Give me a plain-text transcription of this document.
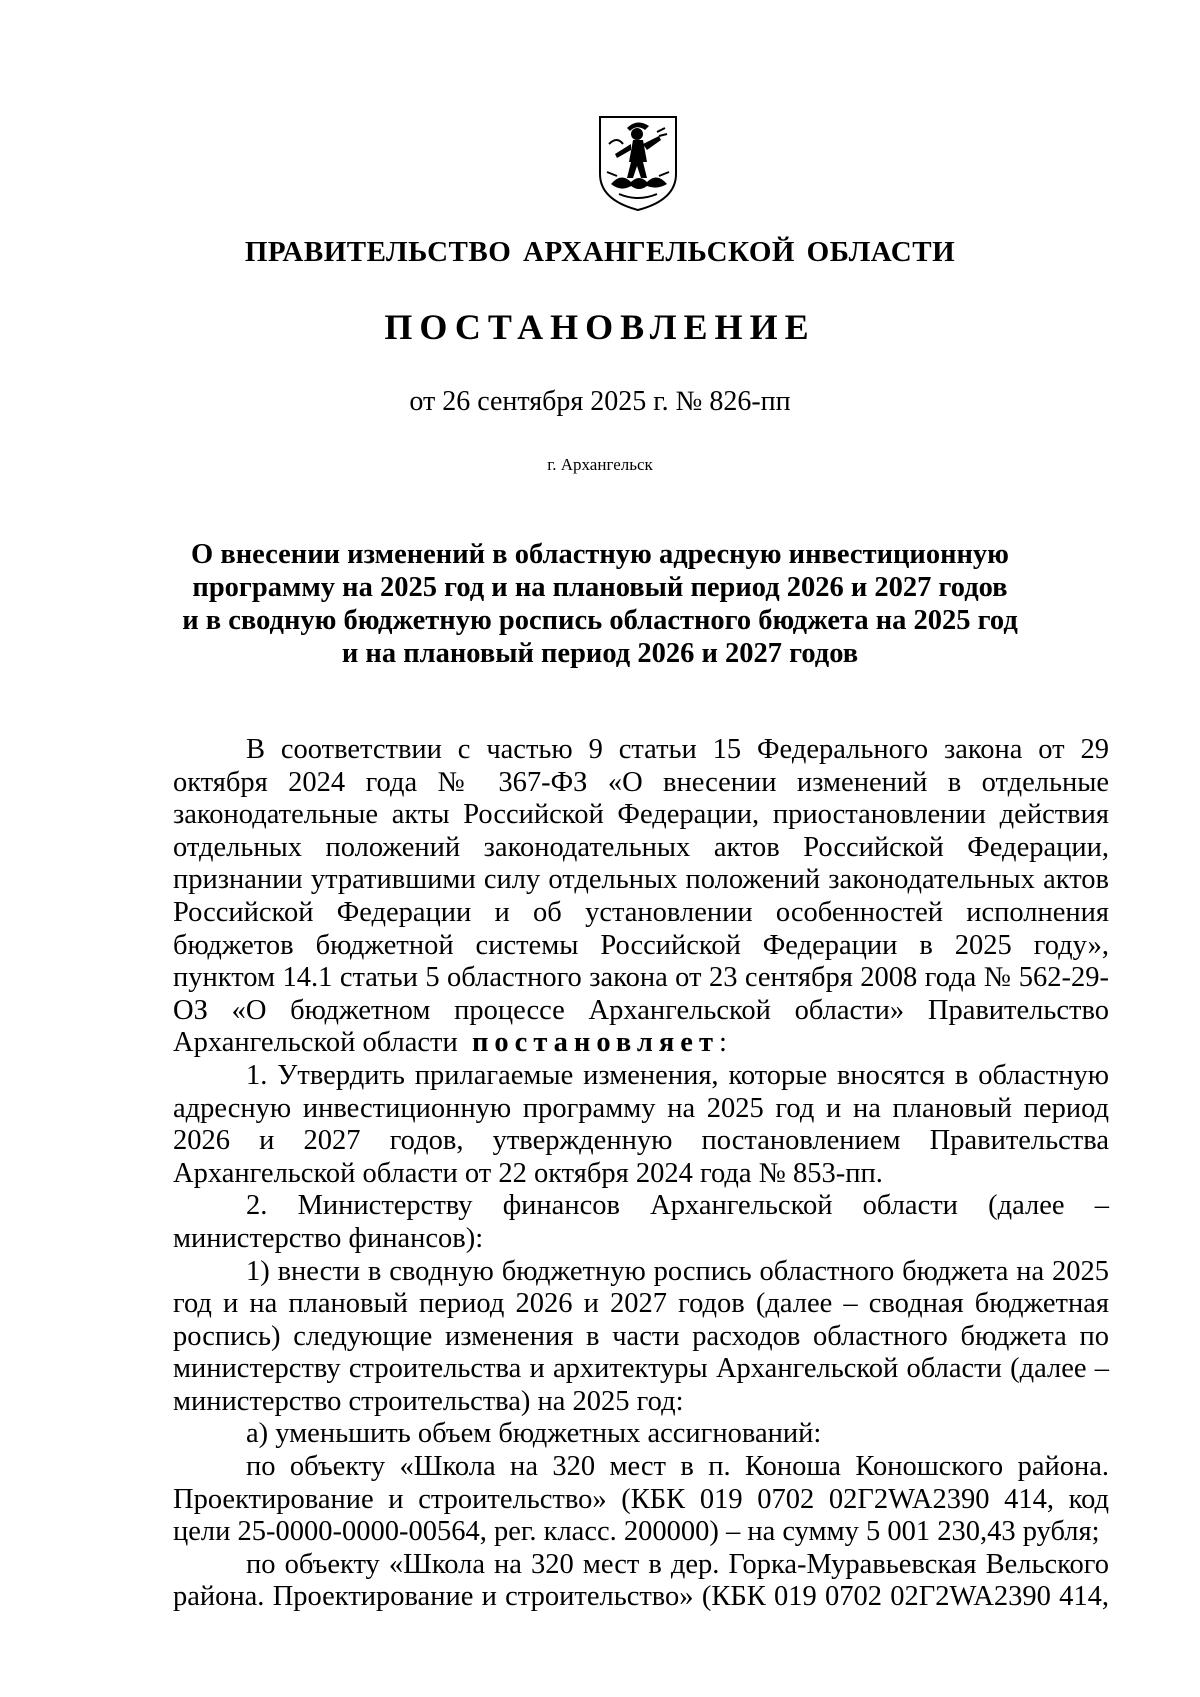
ПРАВИТЕЛЬСТВО АРХАНГЕЛЬСКОЙ ОБЛАСТИ
ПОСТАНОВЛЕНИЕ
от 26 сентября 2025 г. № 826-пп
г. Архангельск
О внесении изменений в областную адресную инвестиционную
программу на 2025 год и на плановый период 2026 и 2027 годов
и в сводную бюджетную роспись областного бюджета на 2025 год
и на плановый период 2026 и 2027 годов

В соответствии с частью 9 статьи 15 Федерального закона от 29 октября 2024 года № 367-ФЗ «О внесении изменений в отдельные законодательные акты Российской Федерации, приостановлении действия отдельных положений законодательных актов Российской Федерации, признании утратившими силу отдельных положений законодательных актов Российской Федерации и об установлении особенностей исполнения бюджетов бюджетной системы Российской Федерации в 2025 году», пунктом 14.1 статьи 5 областного закона от 23 сентября 2008 года № 562-29-ОЗ «О бюджетном процессе Архангельской области» Правительство Архангельской области постановляет:

1. Утвердить прилагаемые изменения, которые вносятся в областную адресную инвестиционную программу на 2025 год и на плановый период 2026 и 2027 годов, утвержденную постановлением Правительства Архангельской области от 22 октября 2024 года № 853-пп.

2. Министерству финансов Архангельской области (далее – министерство финансов):

1) внести в сводную бюджетную роспись областного бюджета на 2025 год и на плановый период 2026 и 2027 годов (далее – сводная бюджетная роспись) следующие изменения в части расходов областного бюджета по министерству строительства и архитектуры Архангельской области (далее – министерство строительства) на 2025 год:

а) уменьшить объем бюджетных ассигнований:

по объекту «Школа на 320 мест в п. Коноша Коношского района. Проектирование и строительство» (КБК 019 0702 02Г2WA2390 414, код цели 25-0000-0000-00564, рег. класс. 200000) – на сумму 5 001 230,43 рубля;

по объекту «Школа на 320 мест в дер. Горка-Муравьевская Вельского района. Проектирование и строительство» (КБК 019 0702 02Г2WA2390 414,
